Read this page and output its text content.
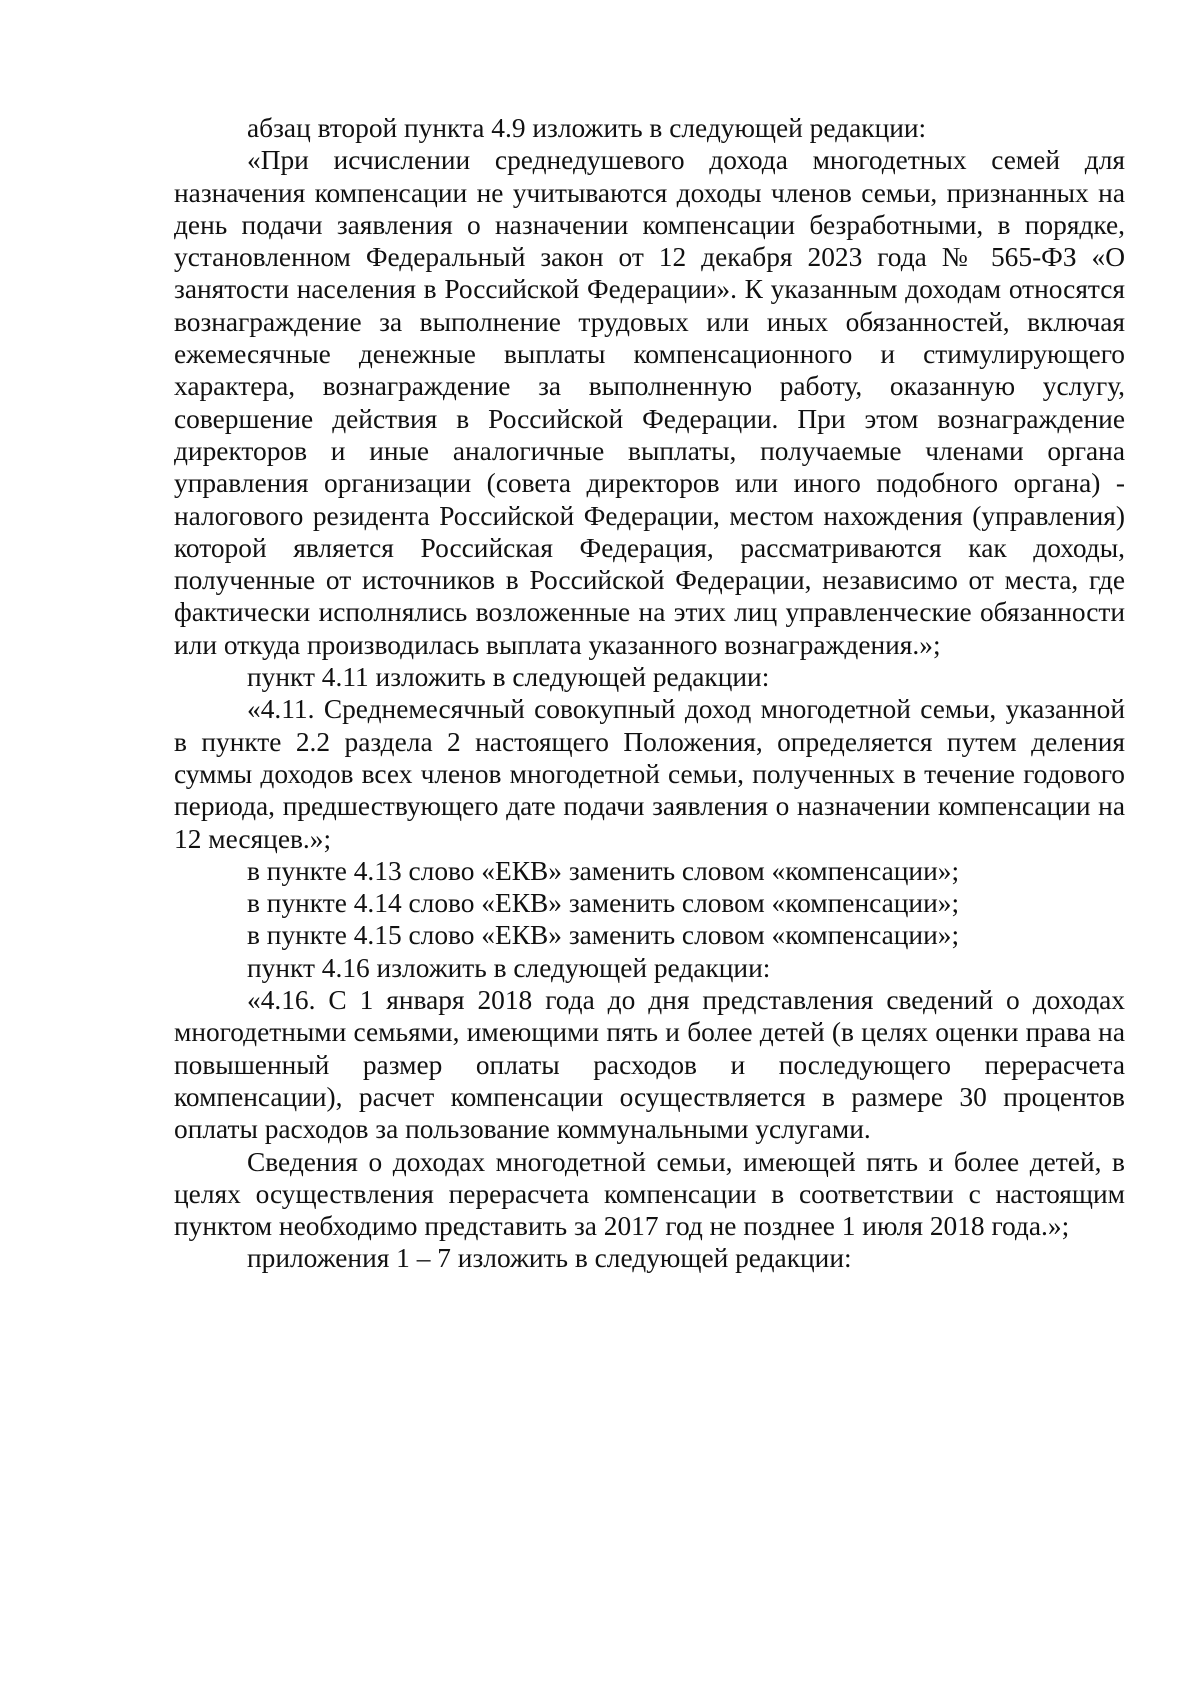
абзац второй пункта 4.9 изложить в следующей редакции:

«При исчислении среднедушевого дохода многодетных семей для назначения компенсации не учитываются доходы членов семьи, признанных на день подачи заявления о назначении компенсации безработными, в порядке, установленном Федеральный закон от 12 декабря 2023 года № 565-ФЗ «О занятости населения в Российской Федерации». К указанным доходам относятся вознаграждение за выполнение трудовых или иных обязанностей, включая ежемесячные денежные выплаты компенсационного и стимулирующего характера, вознаграждение за выполненную работу, оказанную услугу, совершение действия в Российской Федерации. При этом вознаграждение директоров и иные аналогичные выплаты, получаемые членами органа управления организации (совета директоров или иного подобного органа) - налогового резидента Российской Федерации, местом нахождения (управления) которой является Российская Федерация, рассматриваются как доходы, полученные от источников в Российской Федерации, независимо от места, где фактически исполнялись возложенные на этих лиц управленческие обязанности или откуда производилась выплата указанного вознаграждения.»;

пункт 4.11 изложить в следующей редакции:

«4.11. Среднемесячный совокупный доход многодетной семьи, указанной в пункте 2.2 раздела 2 настоящего Положения, определяется путем деления суммы доходов всех членов многодетной семьи, полученных в течение годового периода, предшествующего дате подачи заявления о назначении компенсации на 12 месяцев.»;

в пункте 4.13 слово «ЕКВ» заменить словом «компенсации»;

в пункте 4.14 слово «ЕКВ» заменить словом «компенсации»;

в пункте 4.15 слово «ЕКВ» заменить словом «компенсации»;

пункт 4.16 изложить в следующей редакции:

«4.16. С 1 января 2018 года до дня представления сведений о доходах многодетными семьями, имеющими пять и более детей (в целях оценки права на повышенный размер оплаты расходов и последующего перерасчета компенсации), расчет компенсации осуществляется в размере 30 процентов оплаты расходов за пользование коммунальными услугами.

Сведения о доходах многодетной семьи, имеющей пять и более детей, в целях осуществления перерасчета компенсации в соответствии с настоящим пунктом необходимо представить за 2017 год не позднее 1 июля 2018 года.»;

приложения 1 – 7 изложить в следующей редакции:
